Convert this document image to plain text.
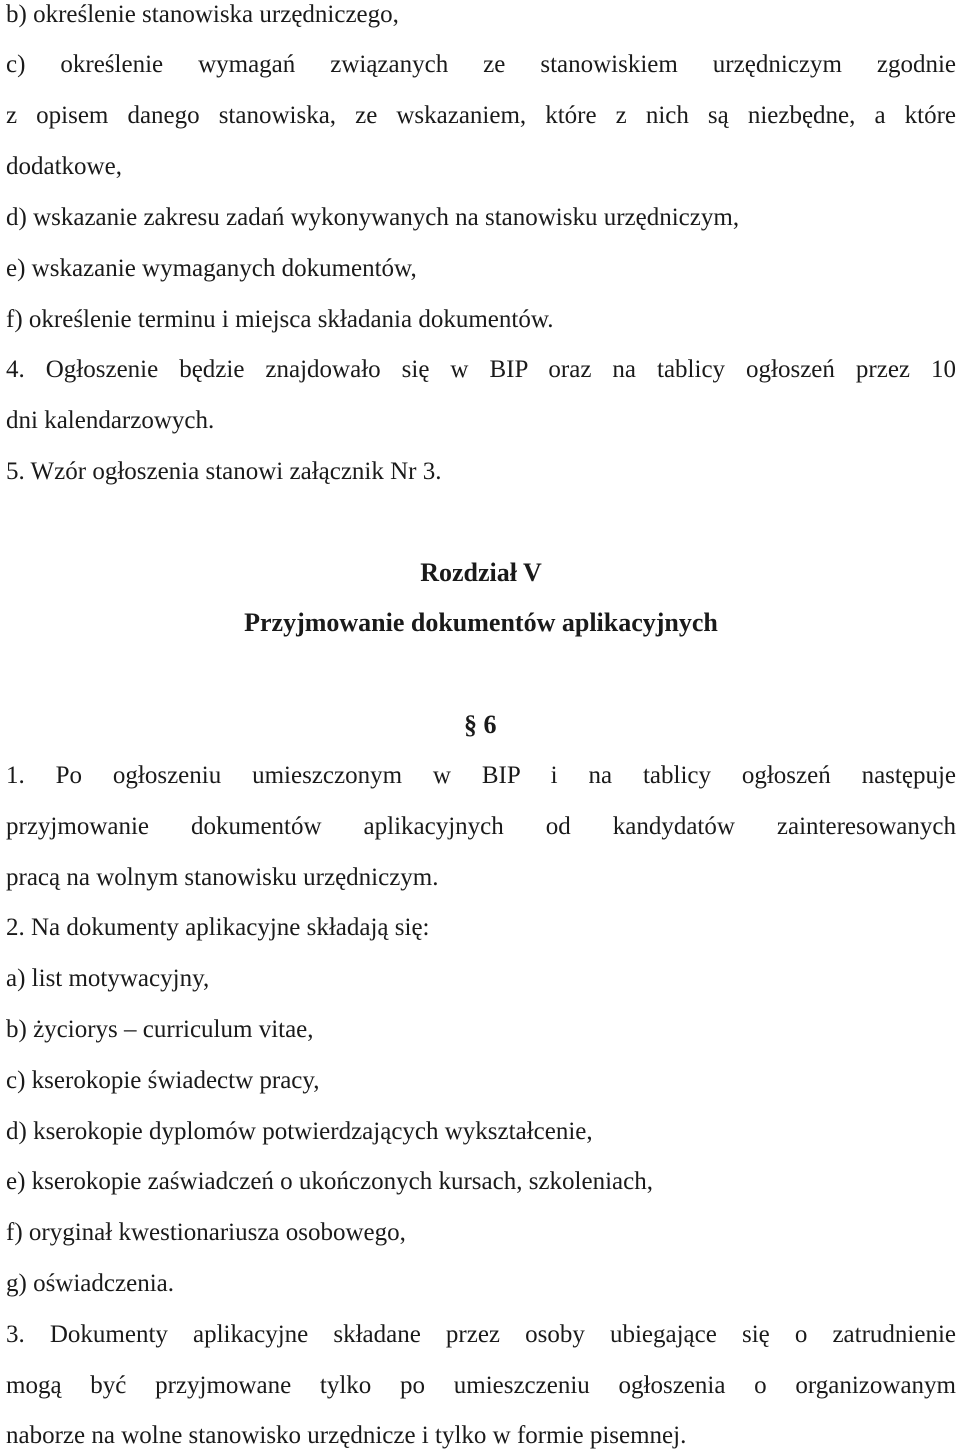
b) określenie stanowiska urzędniczego,
c) określenie wymagań związanych ze stanowiskiem urzędniczym zgodnie
z opisem danego stanowiska, ze wskazaniem, które z nich są niezbędne, a które
dodatkowe,
d) wskazanie zakresu zadań wykonywanych na stanowisku urzędniczym,
e) wskazanie wymaganych dokumentów,
f) określenie terminu i miejsca składania dokumentów.
4. Ogłoszenie będzie znajdowało się w BIP oraz na tablicy ogłoszeń przez 10
dni kalendarzowych.
5. Wzór ogłoszenia stanowi załącznik Nr 3.
Rozdział V
Przyjmowanie dokumentów aplikacyjnych
§ 6
1. Po ogłoszeniu umieszczonym w BIP i na tablicy ogłoszeń następuje
przyjmowanie dokumentów aplikacyjnych od kandydatów zainteresowanych
pracą na wolnym stanowisku urzędniczym.
2. Na dokumenty aplikacyjne składają się:
a) list motywacyjny,
b) życiorys – curriculum vitae,
c) kserokopie świadectw pracy,
d) kserokopie dyplomów potwierdzających wykształcenie,
e) kserokopie zaświadczeń o ukończonych kursach, szkoleniach,
f) oryginał kwestionariusza osobowego,
g) oświadczenia.
3. Dokumenty aplikacyjne składane przez osoby ubiegające się o zatrudnienie
mogą być przyjmowane tylko po umieszczeniu ogłoszenia o organizowanym
naborze na wolne stanowisko urzędnicze i tylko w formie pisemnej.
